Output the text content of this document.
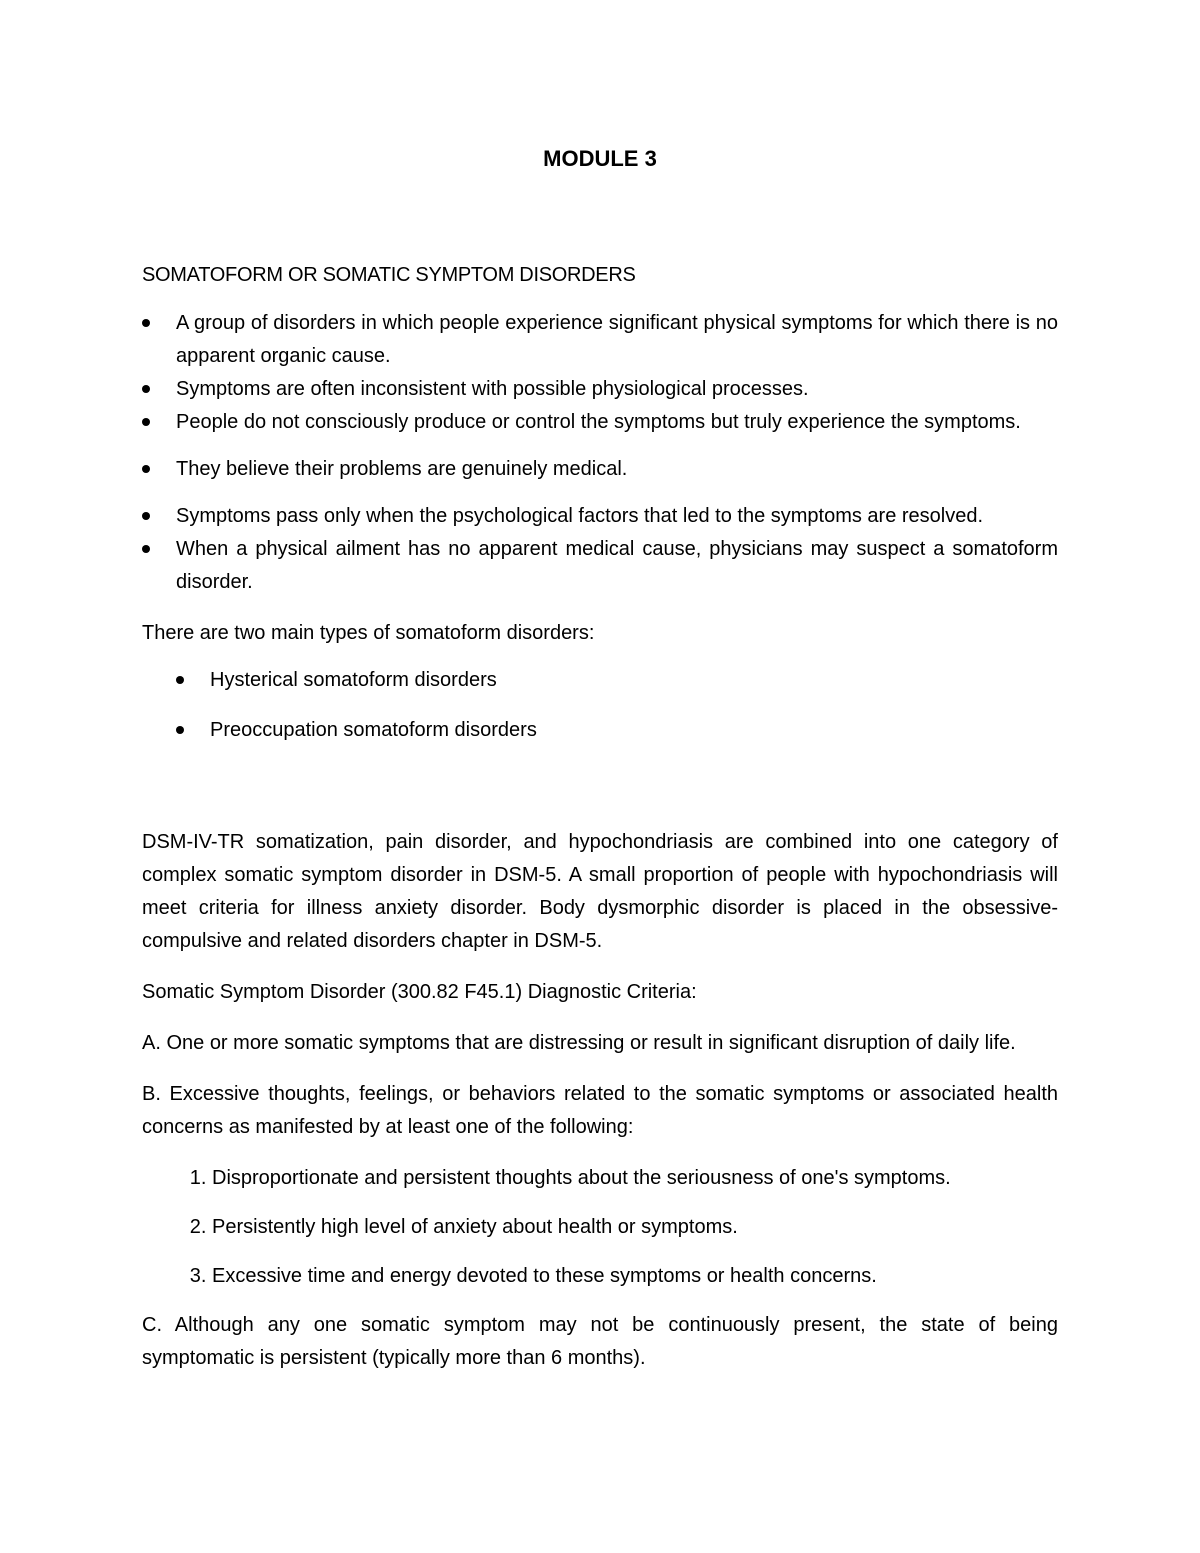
MODULE 3
SOMATOFORM OR SOMATIC SYMPTOM DISORDERS
A group of disorders in which people experience significant physical symptoms for which there is no apparent organic cause.
Symptoms are often inconsistent with possible physiological processes.
People do not consciously produce or control the symptoms but truly experience the symptoms.
They believe their problems are genuinely medical.
Symptoms pass only when the psychological factors that led to the symptoms are resolved.
When a physical ailment has no apparent medical cause, physicians may suspect a somatoform disorder.

There are two main types of somatoform disorders:

Hysterical somatoform disorders
Preoccupation somatoform disorders

DSM-IV-TR somatization, pain disorder, and hypochondriasis are combined into one category of complex somatic symptom disorder in DSM-5. A small proportion of people with hypochondriasis will meet criteria for illness anxiety disorder. Body dysmorphic disorder is placed in the obsessive-compulsive and related disorders chapter in DSM-5.

Somatic Symptom Disorder (300.82 F45.1) Diagnostic Criteria:

A. One or more somatic symptoms that are distressing or result in significant disruption of daily life.

B. Excessive thoughts, feelings, or behaviors related to the somatic symptoms or associated health concerns as manifested by at least one of the following:

1. Disproportionate and persistent thoughts about the seriousness of one's symptoms.
2. Persistently high level of anxiety about health or symptoms.
3. Excessive time and energy devoted to these symptoms or health concerns.

C. Although any one somatic symptom may not be continuously present, the state of being symptomatic is persistent (typically more than 6 months).
